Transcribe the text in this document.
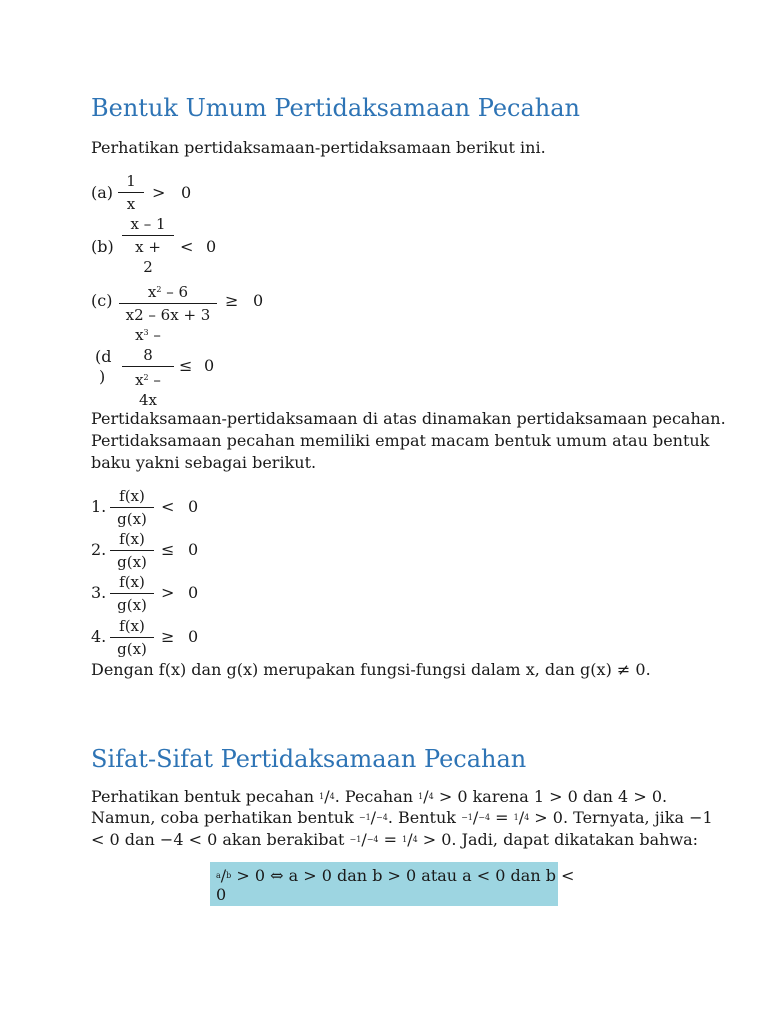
Bentuk Umum Pertidaksamaan Pecahan
Perhatikan pertidaksamaan-pertidaksamaan berikut ini.
(a)
1
x
> 0
(b)
x – 1
x +
2
< 0
(c)	$x^2 - 6$
x2 – 6x + 3
≥ 0
(d
)
$x^3$ –
8
$x^2$ –
4x
≤ 0
Pertidaksamaan-pertidaksamaan di atas dinamakan pertidaksamaan pecahan.
Pertidaksamaan pecahan memiliki empat macam bentuk umum atau bentuk
baku yakni sebagai berikut.
1.
f(x)
g(x)
< 0
2.
f(x)
g(x)
≤ 0
3.
f(x)
g(x)
> 0
4.
f(x)
g(x)
≥ 0
Dengan f(x) dan g(x) merupakan fungsi-fungsi dalam x, dan g(x) ≠ 0.
Sifat-Sifat Pertidaksamaan Pecahan
Perhatikan bentuk pecahan 1/4. Pecahan 1/4 > 0 karena 1 > 0 dan 4 > 0.
Namun, coba perhatikan bentuk −1/−4. Bentuk −1/−4 = 1/4 > 0. Ternyata, jika −1
< 0 dan −4 < 0 akan berakibat −1/−4 = 1/4 > 0. Jadi, dapat dikatakan bahwa:
a/b > 0 ⇔ a > 0 dan b > 0 atau a < 0 dan b <
0
